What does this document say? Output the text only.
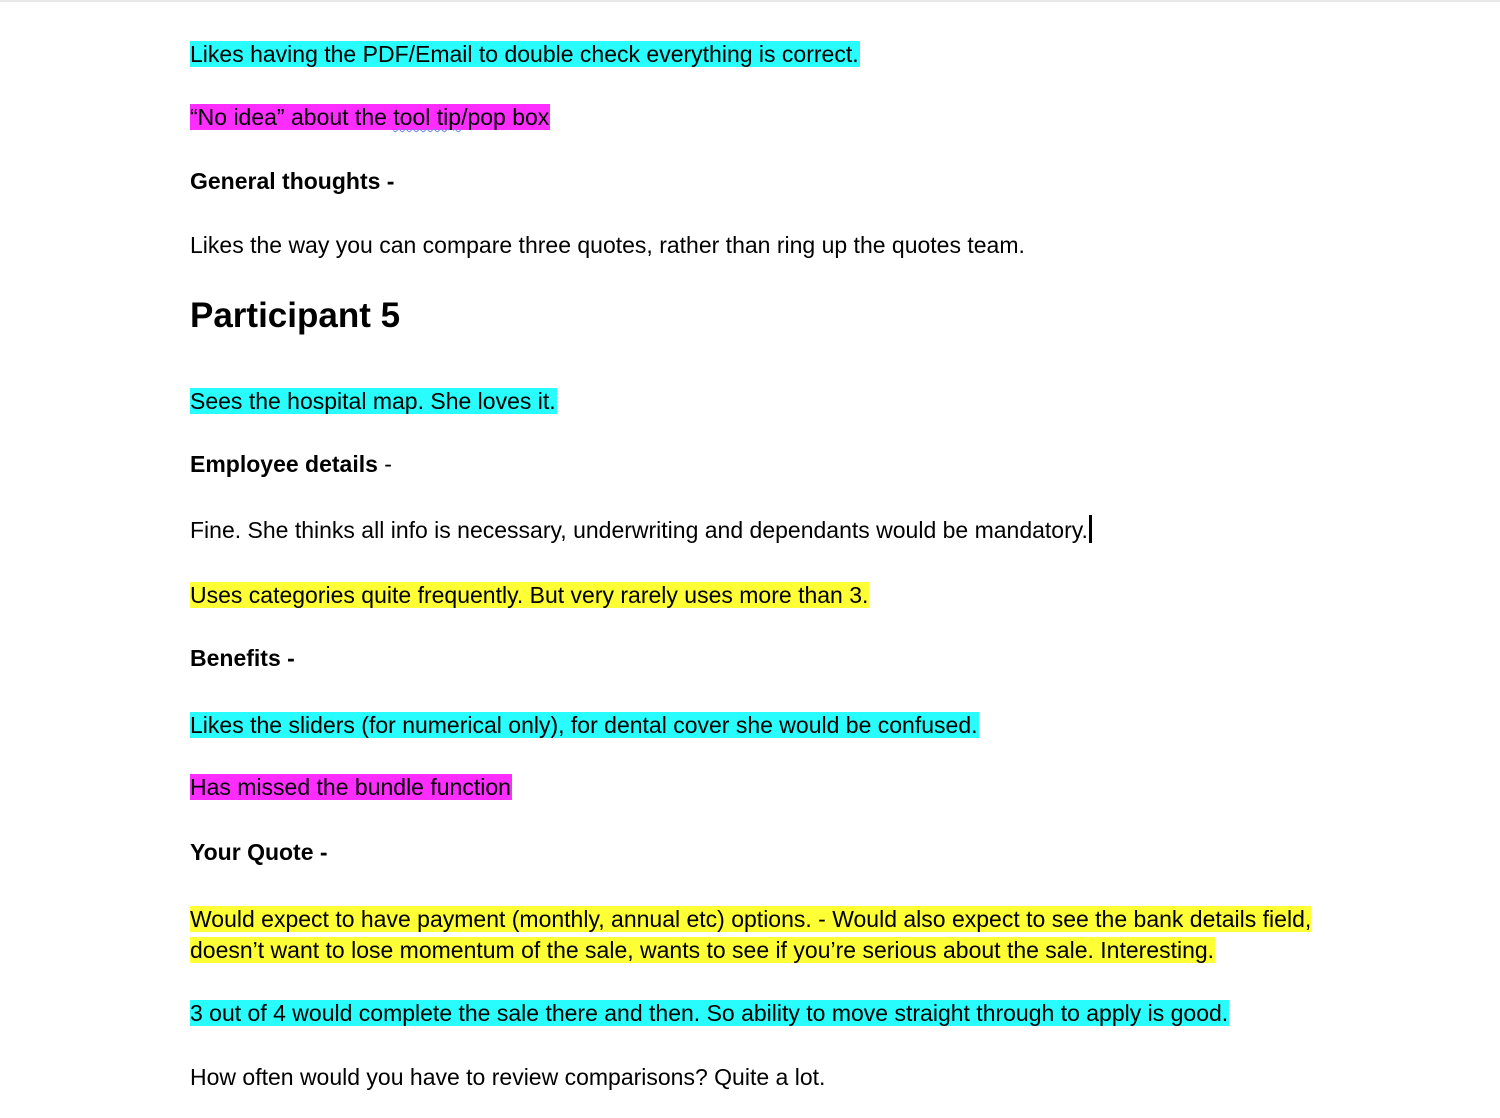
Likes having the PDF/Email to double check everything is correct.
“No idea” about the tool tip/pop box
General thoughts -
Likes the way you can compare three quotes, rather than ring up the quotes team.
Participant 5
Sees the hospital map. She loves it.
Employee details -
Fine. She thinks all info is necessary, underwriting and dependants would be mandatory.
Uses categories quite frequently. But very rarely uses more than 3.
Benefits -
Likes the sliders (for numerical only), for dental cover she would be confused.
Has missed the bundle function
Your Quote -
Would expect to have payment (monthly, annual etc) options. - Would also expect to see the bank details field, doesn’t want to lose momentum of the sale, wants to see if you’re serious about the sale. Interesting.
3 out of 4 would complete the sale there and then. So ability to move straight through to apply is good.
How often would you have to review comparisons? Quite a lot.
